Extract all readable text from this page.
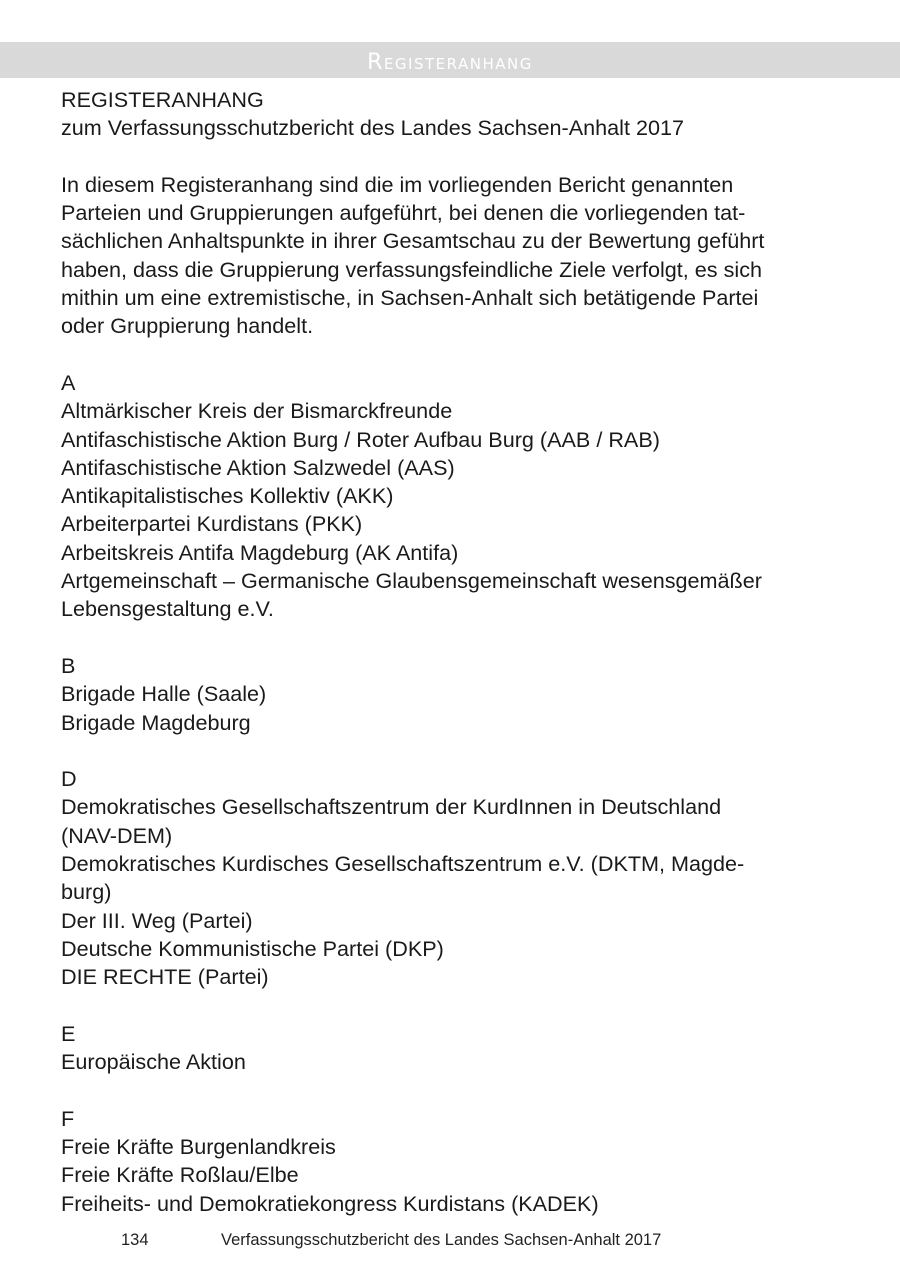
Registeranhang
REGISTERANHANG
zum Verfassungsschutzbericht des Landes Sachsen-Anhalt 2017
In diesem Registeranhang sind die im vorliegenden Bericht genannten
Parteien und Gruppierungen aufgeführt, bei denen die vorliegenden tat-
sächlichen Anhaltspunkte in ihrer Gesamtschau zu der Bewertung geführt
haben, dass die Gruppierung verfassungsfeindliche Ziele verfolgt, es sich
mithin um eine extremistische, in Sachsen-Anhalt sich betätigende Partei
oder Gruppierung handelt.
A
Altmärkischer Kreis der Bismarckfreunde
Antifaschistische Aktion Burg / Roter Aufbau Burg (AAB / RAB)
Antifaschistische Aktion Salzwedel (AAS)
Antikapitalistisches Kollektiv (AKK)
Arbeiterpartei Kurdistans (PKK)
Arbeitskreis Antifa Magdeburg (AK Antifa)
Artgemeinschaft – Germanische Glaubensgemeinschaft wesensgemäßer
Lebensgestaltung e.V.
B
Brigade Halle (Saale)
Brigade Magdeburg
D
Demokratisches Gesellschaftszentrum der KurdInnen in Deutschland
(NAV-DEM)
Demokratisches Kurdisches Gesellschaftszentrum e.V. (DKTM, Magde-
burg)
Der III. Weg (Partei)
Deutsche Kommunistische Partei (DKP)
DIE RECHTE (Partei)
E
Europäische Aktion
F
Freie Kräfte Burgenlandkreis
Freie Kräfte Roßlau/Elbe
Freiheits- und Demokratiekongress Kurdistans (KADEK)
134	Verfassungsschutzbericht des Landes Sachsen-Anhalt 2017
